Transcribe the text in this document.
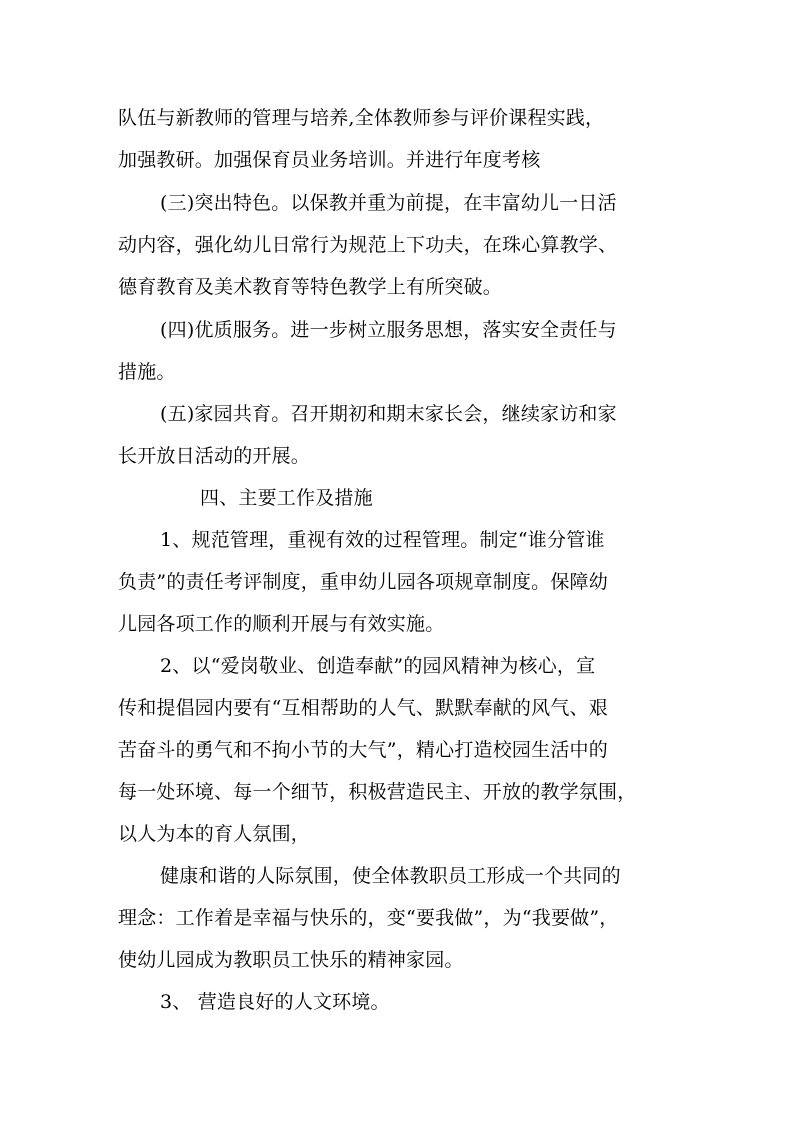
队伍与新教师的管理与培养,全体教师参与评价课程实践，
加强教研。加强保育员业务培训。并进行年度考核
(三)突出特色。以保教并重为前提，在丰富幼儿一日活
动内容，强化幼儿日常行为规范上下功夫，在珠心算教学、
德育教育及美术教育等特色教学上有所突破。
(四)优质服务。进一步树立服务思想，落实安全责任与
措施。
(五)家园共育。召开期初和期末家长会，继续家访和家
长开放日活动的开展。
四、主要工作及措施
1、规范管理，重视有效的过程管理。制定“谁分管谁
负责”的责任考评制度，重申幼儿园各项规章制度。保障幼
儿园各项工作的顺利开展与有效实施。
2、以“爱岗敬业、创造奉献”的园风精神为核心，宣
传和提倡园内要有“互相帮助的人气、默默奉献的风气、艰
苦奋斗的勇气和不拘小节的大气”，精心打造校园生活中的
每一处环境、每一个细节，积极营造民主、开放的教学氛围，
以人为本的育人氛围，
健康和谐的人际氛围，使全体教职员工形成一个共同的
理念：工作着是幸福与快乐的，变“要我做”，为“我要做”，
使幼儿园成为教职员工快乐的精神家园。
3、 营造良好的人文环境。
